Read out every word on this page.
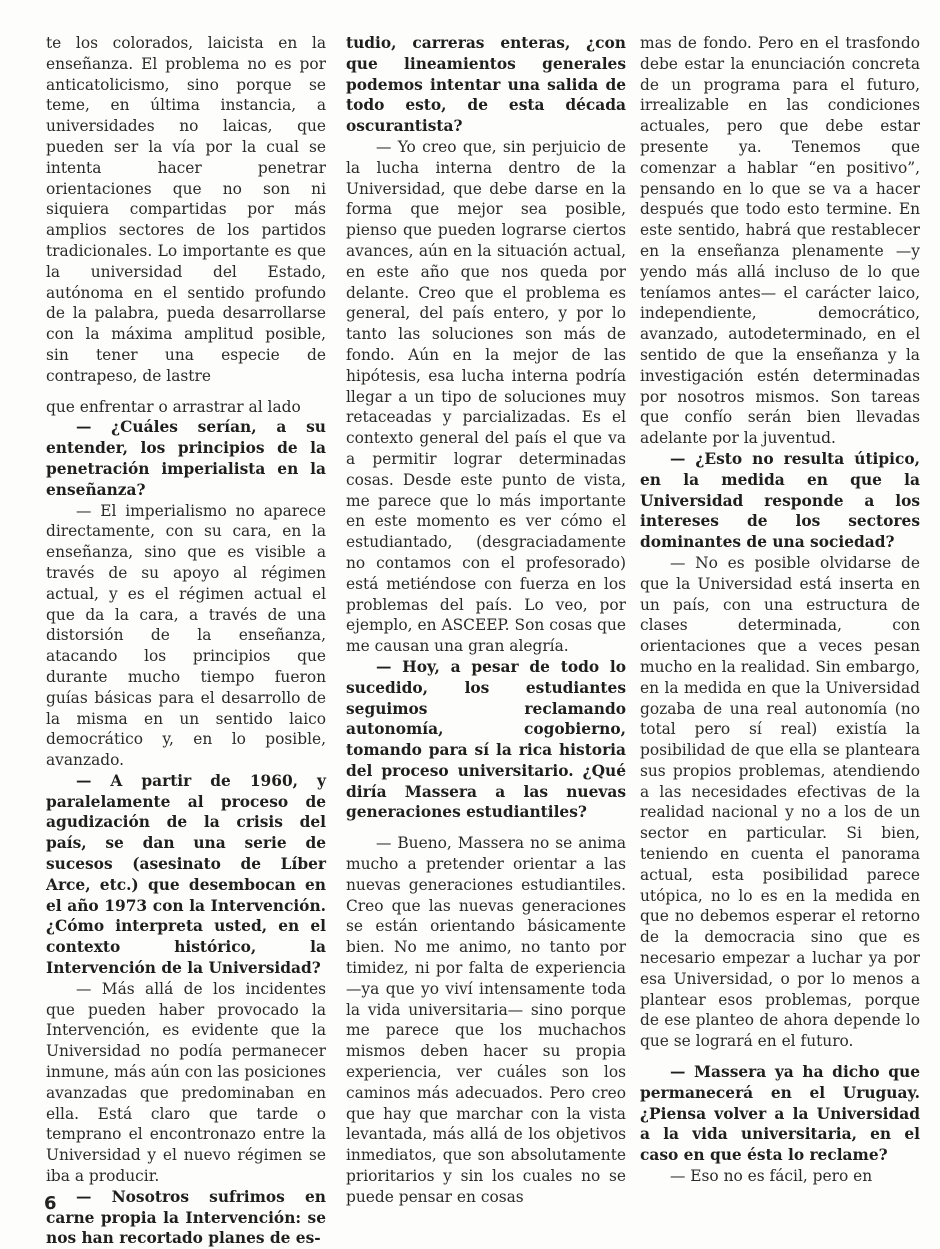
te los colorados, laicista en la enseñanza. El problema no es por anticatolicismo, sino porque se teme, en última instancia, a universidades no laicas, que pueden ser la vía por la cual se intenta hacer penetrar orientaciones que no son ni siquiera compartidas por más amplios sectores de los partidos tradicionales. Lo importante es que la universidad del Estado, autónoma en el sentido profundo de la palabra, pueda desarrollarse con la máxima amplitud posible, sin tener una especie de contrapeso, de lastre

que enfrentar o arrastrar al lado

— ¿Cuáles serían, a su entender, los principios de la penetración imperialista en la enseñanza?

— El imperialismo no aparece directamente, con su cara, en la enseñanza, sino que es visible a través de su apoyo al régimen actual, y es el régimen actual el que da la cara, a través de una distorsión de la enseñanza, atacando los principios que durante mucho tiempo fueron guías básicas para el desarrollo de la misma en un sentido laico democrático y, en lo posible, avanzado.

— A partir de 1960, y paralelamente al proceso de agudización de la crisis del país, se dan una serie de sucesos (asesinato de Líber Arce, etc.) que desembocan en el año 1973 con la Intervención. ¿Cómo interpreta usted, en el contexto histórico, la Intervención de la Universidad?

— Más allá de los incidentes que pueden haber provocado la Intervención, es evidente que la Universidad no podía permanecer inmune, más aún con las posiciones avanzadas que predominaban en ella. Está claro que tarde o temprano el encontronazo entre la Universidad y el nuevo régimen se iba a producir.

— Nosotros sufrimos en carne propia la Intervención: se nos han recortado planes de es-

tudio, carreras enteras, ¿con que lineamientos generales podemos intentar una salida de todo esto, de esta década oscurantista?

— Yo creo que, sin perjuicio de la lucha interna dentro de la Universidad, que debe darse en la forma que mejor sea posible, pienso que pueden lograrse ciertos avances, aún en la situación actual, en este año que nos queda por delante. Creo que el problema es general, del país entero, y por lo tanto las soluciones son más de fondo. Aún en la mejor de las hipótesis, esa lucha interna podría llegar a un tipo de soluciones muy retaceadas y parcializadas. Es el contexto general del país el que va a permitir lograr determinadas cosas. Desde este punto de vista, me parece que lo más importante en este momento es ver cómo el estudiantado, (desgraciadamente no contamos con el profesorado) está metiéndose con fuerza en los problemas del país. Lo veo, por ejemplo, en ASCEEP. Son cosas que me causan una gran alegría.

— Hoy, a pesar de todo lo sucedido, los estudiantes seguimos reclamando autonomía, cogobierno, tomando para sí la rica historia del proceso universitario. ¿Qué diría Massera a las nuevas generaciones estudiantiles?

— Bueno, Massera no se anima mucho a pretender orientar a las nuevas generaciones estudiantiles. Creo que las nuevas generaciones se están orientando básicamente bien. No me animo, no tanto por timidez, ni por falta de experiencia —ya que yo viví intensamente toda la vida universitaria— sino porque me parece que los muchachos mismos deben hacer su propia experiencia, ver cuáles son los caminos más adecuados. Pero creo que hay que marchar con la vista levantada, más allá de los objetivos inmediatos, que son absolutamente prioritarios y sin los cuales no se puede pensar en cosas

mas de fondo. Pero en el trasfondo debe estar la enunciación concreta de un programa para el futuro, irrealizable en las condiciones actuales, pero que debe estar presente ya. Tenemos que comenzar a hablar “en positivo”, pensando en lo que se va a hacer después que todo esto termine. En este sentido, habrá que restablecer en la enseñanza plenamente —y yendo más allá incluso de lo que teníamos antes— el carácter laico, independiente, democrático, avanzado, autodeterminado, en el sentido de que la enseñanza y la investigación estén determinadas por nosotros mismos. Son tareas que confío serán bien llevadas adelante por la juventud.

— ¿Esto no resulta útipico, en la medida en que la Universidad responde a los intereses de los sectores dominantes de una sociedad?

— No es posible olvidarse de que la Universidad está inserta en un país, con una estructura de clases determinada, con orientaciones que a veces pesan mucho en la realidad. Sin embargo, en la medida en que la Universidad gozaba de una real autonomía (no total pero sí real) existía la posibilidad de que ella se planteara sus propios problemas, atendiendo a las necesidades efectivas de la realidad nacional y no a los de un sector en particular. Si bien, teniendo en cuenta el panorama actual, esta posibilidad parece utópica, no lo es en la medida en que no debemos esperar el retorno de la democracia sino que es necesario empezar a luchar ya por esa Universidad, o por lo menos a plantear esos problemas, porque de ese planteo de ahora depende lo que se logrará en el futuro.

— Massera ya ha dicho que permanecerá en el Uruguay. ¿Piensa volver a la Universidad a la vida universitaria, en el caso en que ésta lo reclame?

— Eso no es fácil, pero en

6
